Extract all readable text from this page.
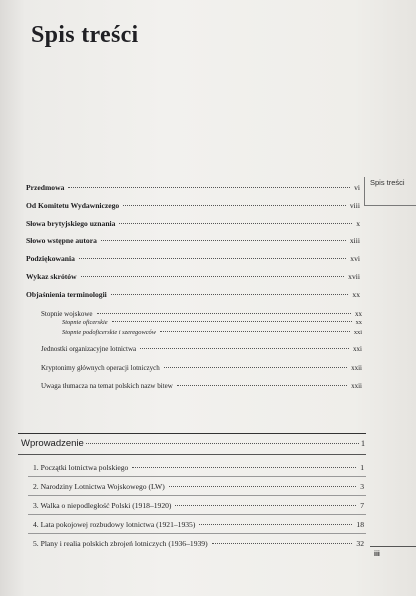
Spis treści
Spis treści
Przedmowa	vi
Od Komitetu Wydawniczego	viii
Słowa brytyjskiego uznania	x
Słowo wstępne autora	xiii
Podziękowania	xvi
Wykaz skrótów	xvii
Objaśnienia terminologii	xx
Stopnie wojskowe	xx
Stopnie oficerskie	xx
Stopnie podoficerskie i szeregowców	xxi
Jednostki organizacyjne lotnictwa	xxi
Kryptonimy głównych operacji lotniczych	xxii
Uwaga tłumacza na temat polskich nazw bitew	xxii
Wprowadzenie	1
1. Początki lotnictwa polskiego	1
2. Narodziny Lotnictwa Wojskowego (LW)	3
3. Walka o niepodległość Polski (1918–1920)	7
4. Lata pokojowej rozbudowy lotnictwa (1921–1935)	18
5. Plany i realia polskich zbrojeń lotniczych (1936–1939)	32
iii
